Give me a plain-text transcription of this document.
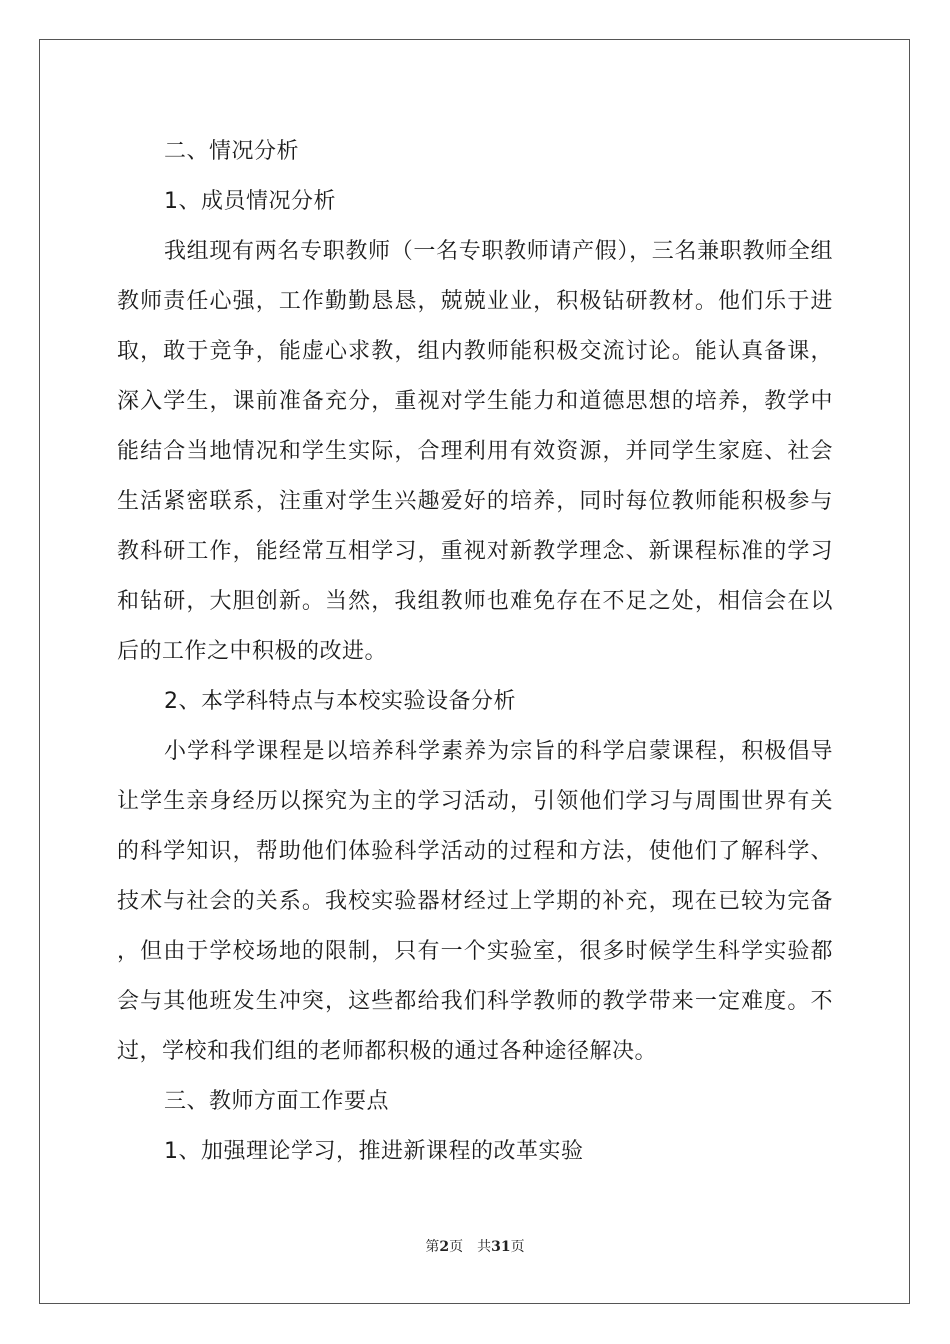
二、情况分析
1、成员情况分析
我组现有两名专职教师（一名专职教师请产假），三名兼职教师全组教师责任心强，工作勤勤恳恳，兢兢业业，积极钻研教材。他们乐于进取，敢于竞争，能虚心求教，组内教师能积极交流讨论。能认真备课，深入学生，课前准备充分，重视对学生能力和道德思想的培养，教学中能结合当地情况和学生实际，合理利用有效资源，并同学生家庭、社会生活紧密联系，注重对学生兴趣爱好的培养，同时每位教师能积极参与教科研工作，能经常互相学习，重视对新教学理念、新课程标准的学习和钻研，大胆创新。当然，我组教师也难免存在不足之处，相信会在以后的工作之中积极的改进。
2、本学科特点与本校实验设备分析
小学科学课程是以培养科学素养为宗旨的科学启蒙课程，积极倡导让学生亲身经历以探究为主的学习活动，引领他们学习与周围世界有关的科学知识，帮助他们体验科学活动的过程和方法，使他们了解科学、技术与社会的关系。我校实验器材经过上学期的补充，现在已较为完备，但由于学校场地的限制，只有一个实验室，很多时候学生科学实验都会与其他班发生冲突，这些都给我们科学教师的教学带来一定难度。不过，学校和我们组的老师都积极的通过各种途径解决。
三、教师方面工作要点
1、加强理论学习，推进新课程的改革实验
第2页 共31页
